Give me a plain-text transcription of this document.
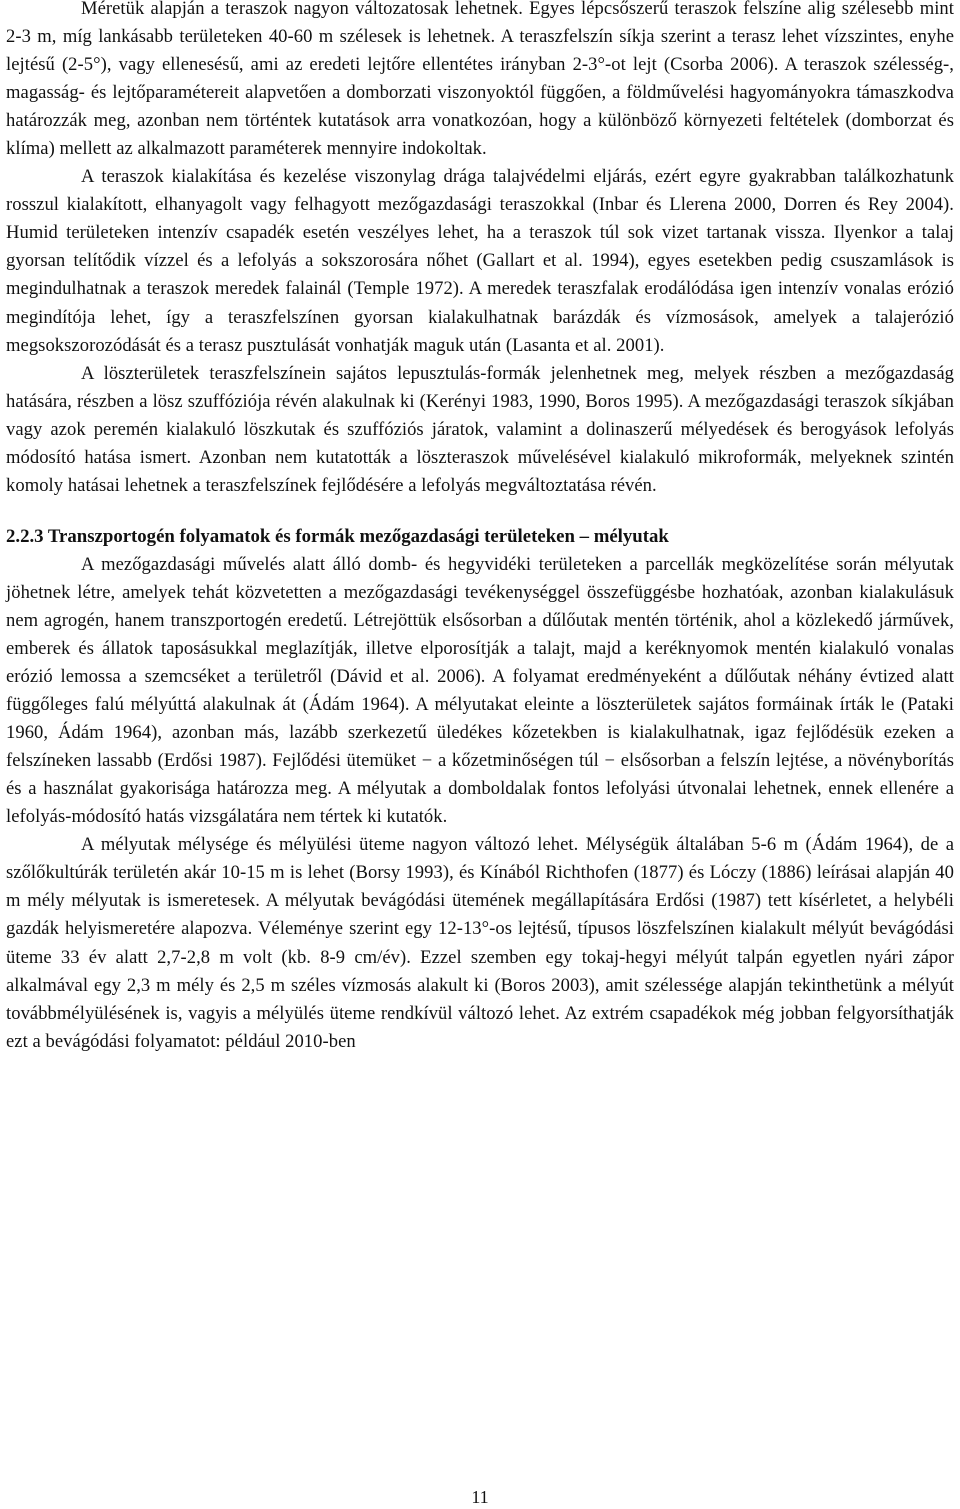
Méretük alapján a teraszok nagyon változatosak lehetnek. Egyes lépcsőszerű teraszok felszíne alig szélesebb mint 2-3 m, míg lankásabb területeken 40-60 m szélesek is lehetnek. A teraszfelszín síkja szerint a terasz lehet vízszintes, enyhe lejtésű (2-5°), vagy ellenesésű, ami az eredeti lejtőre ellentétes irányban 2-3°-ot lejt (Csorba 2006). A teraszok szélesség-, magasság- és lejtőparamétereit alapvetően a domborzati viszonyoktól függően, a földművelési hagyományokra támaszkodva határozzák meg, azonban nem történtek kutatások arra vonatkozóan, hogy a különböző környezeti feltételek (domborzat és klíma) mellett az alkalmazott paraméterek mennyire indokoltak.

A teraszok kialakítása és kezelése viszonylag drága talajvédelmi eljárás, ezért egyre gyakrabban találkozhatunk rosszul kialakított, elhanyagolt vagy felhagyott mezőgazdasági teraszokkal (Inbar és Llerena 2000, Dorren és Rey 2004). Humid területeken intenzív csapadék esetén veszélyes lehet, ha a teraszok túl sok vizet tartanak vissza. Ilyenkor a talaj gyorsan telítődik vízzel és a lefolyás a sokszorosára nőhet (Gallart et al. 1994), egyes esetekben pedig csuszamlások is megindulhatnak a teraszok meredek falainál (Temple 1972). A meredek teraszfalak erodálódása igen intenzív vonalas erózió megindítója lehet, így a teraszfelszínen gyorsan kialakulhatnak barázdák és vízmosások, amelyek a talajerózió megsokszorozódását és a terasz pusztulását vonhatják maguk után (Lasanta et al. 2001).

A löszterületek teraszfelszínein sajátos lepusztulás-formák jelenhetnek meg, melyek részben a mezőgazdaság hatására, részben a lösz szuffóziója révén alakulnak ki (Kerényi 1983, 1990, Boros 1995). A mezőgazdasági teraszok síkjában vagy azok peremén kialakuló löszkutak és szuffóziós járatok, valamint a dolinaszerű mélyedések és berogyások lefolyás módosító hatása ismert. Azonban nem kutatották a löszteraszok művelésével kialakuló mikroformák, melyeknek szintén komoly hatásai lehetnek a teraszfelszínek fejlődésére a lefolyás megváltoztatása révén.

2.2.3 Transzportogén folyamatok és formák mezőgazdasági területeken – mélyutak

A mezőgazdasági művelés alatt álló domb- és hegyvidéki területeken a parcellák megközelítése során mélyutak jöhetnek létre, amelyek tehát közvetetten a mezőgazdasági tevékenységgel összefüggésbe hozhatóak, azonban kialakulásuk nem agrogén, hanem transzportogén eredetű. Létrejöttük elsősorban a dűlőutak mentén történik, ahol a közlekedő járművek, emberek és állatok taposásukkal meglazítják, illetve elporosítják a talajt, majd a keréknyomok mentén kialakuló vonalas erózió lemossa a szemcséket a területről (Dávid et al. 2006). A folyamat eredményeként a dűlőutak néhány évtized alatt függőleges falú mélyúttá alakulnak át (Ádám 1964). A mélyutakat eleinte a löszterületek sajátos formáinak írták le (Pataki 1960, Ádám 1964), azonban más, lazább szerkezetű üledékes kőzetekben is kialakulhatnak, igaz fejlődésük ezeken a felszíneken lassabb (Erdősi 1987). Fejlődési ütemüket − a kőzetminőségen túl − elsősorban a felszín lejtése, a növényborítás és a használat gyakorisága határozza meg. A mélyutak a domboldalak fontos lefolyási útvonalai lehetnek, ennek ellenére a lefolyás-módosító hatás vizsgálatára nem tértek ki kutatók.

A mélyutak mélysége és mélyülési üteme nagyon változó lehet. Mélységük általában 5-6 m (Ádám 1964), de a szőlőkultúrák területén akár 10-15 m is lehet (Borsy 1993), és Kínából Richthofen (1877) és Lóczy (1886) leírásai alapján 40 m mély mélyutak is ismeretesek. A mélyutak bevágódási ütemének megállapítására Erdősi (1987) tett kísérletet, a helybéli gazdák helyismeretére alapozva. Véleménye szerint egy 12-13°-os lejtésű, típusos löszfelszínen kialakult mélyút bevágódási üteme 33 év alatt 2,7-2,8 m volt (kb. 8-9 cm/év). Ezzel szemben egy tokaj-hegyi mélyút talpán egyetlen nyári zápor alkalmával egy 2,3 m mély és 2,5 m széles vízmosás alakult ki (Boros 2003), amit szélessége alapján tekinthetünk a mélyút továbbmélyülésének is, vagyis a mélyülés üteme rendkívül változó lehet. Az extrém csapadékok még jobban felgyorsíthatják ezt a bevágódási folyamatot: például 2010-ben

11
